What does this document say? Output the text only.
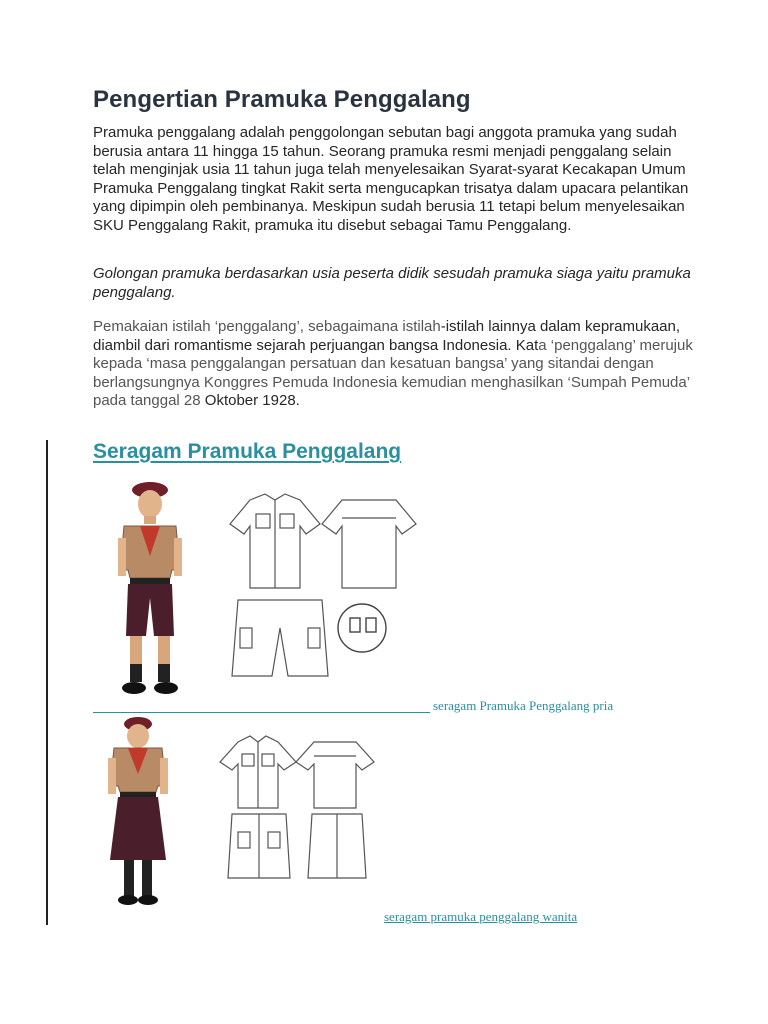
Pengertian Pramuka Penggalang

Pramuka penggalang adalah penggolongan sebutan bagi anggota pramuka yang sudah berusia antara 11 hingga 15 tahun. Seorang pramuka resmi menjadi penggalang selain telah menginjak usia 11 tahun juga telah menyelesaikan Syarat-syarat Kecakapan Umum Pramuka Penggalang tingkat Rakit serta mengucapkan trisatya dalam upacara pelantikan yang dipimpin oleh pembinanya. Meskipun sudah berusia 11 tetapi belum menyelesaikan SKU Penggalang Rakit, pramuka itu disebut sebagai Tamu Penggalang.

Golongan pramuka berdasarkan usia peserta didik sesudah pramuka siaga yaitu pramuka penggalang.

Pemakaian istilah ‘penggalang’, sebagaimana istilah-istilah lainnya dalam kepramukaan, diambil dari romantisme sejarah perjuangan bangsa Indonesia. Kata ‘penggalang’ merujuk kepada ‘masa penggalangan persatuan dan kesatuan bangsa’ yang sitandai dengan berlangsungnya Konggres Pemuda Indonesia kemudian menghasilkan ‘Sumpah Pemuda’ pada tanggal 28 Oktober 1928.

Seragam Pramuka Penggalang

seragam Pramuka Penggalang pria

seragam pramuka penggalang wanita
